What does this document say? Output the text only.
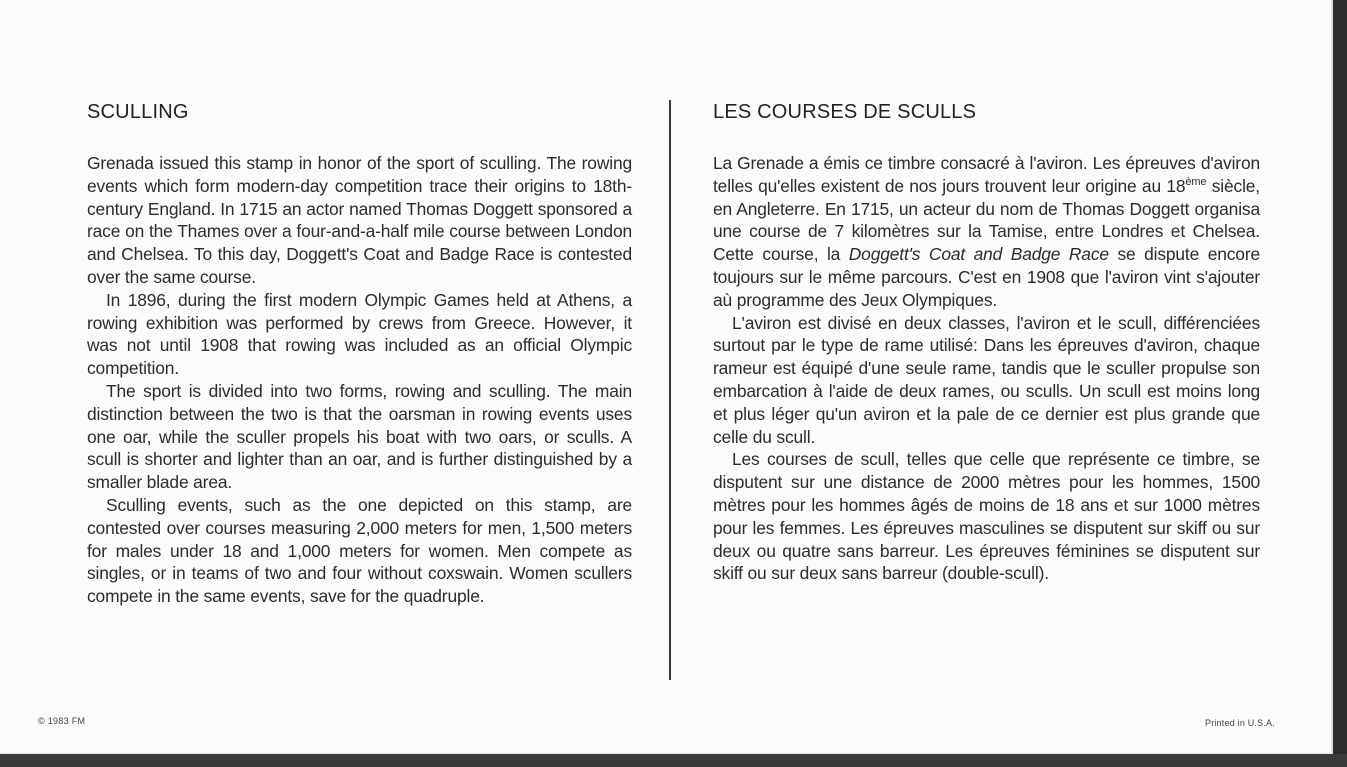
SCULLING

Grenada issued this stamp in honor of the sport of sculling. The rowing events which form modern-day competition trace their origins to 18th-century England. In 1715 an actor named Thomas Doggett sponsored a race on the Thames over a four-and-a-half mile course between London and Chelsea. To this day, Doggett's Coat and Badge Race is contested over the same course.

In 1896, during the first modern Olympic Games held at Athens, a rowing exhibition was performed by crews from Greece. However, it was not until 1908 that rowing was included as an official Olympic competition.

The sport is divided into two forms, rowing and sculling. The main distinction between the two is that the oarsman in rowing events uses one oar, while the sculler propels his boat with two oars, or sculls. A scull is shorter and lighter than an oar, and is further distinguished by a smaller blade area.

Sculling events, such as the one depicted on this stamp, are contested over courses measuring 2,000 meters for men, 1,500 meters for males under 18 and 1,000 meters for women. Men compete as singles, or in teams of two and four without coxswain. Women scullers compete in the same events, save for the quadruple.

LES COURSES DE SCULLS

La Grenade a émis ce timbre consacré à l'aviron. Les épreuves d'aviron telles qu'elles existent de nos jours trouvent leur origine au 18ème siècle, en Angleterre. En 1715, un acteur du nom de Thomas Doggett organisa une course de 7 kilomètres sur la Tamise, entre Londres et Chelsea. Cette course, la Doggett's Coat and Badge Race se dispute encore toujours sur le même parcours. C'est en 1908 que l'aviron vint s'ajouter aù programme des Jeux Olympiques.

L'aviron est divisé en deux classes, l'aviron et le scull, différenciées surtout par le type de rame utilisé: Dans les épreuves d'aviron, chaque rameur est équipé d'une seule rame, tandis que le sculler propulse son embarcation à l'aide de deux rames, ou sculls. Un scull est moins long et plus léger qu'un aviron et la pale de ce dernier est plus grande que celle du scull.

Les courses de scull, telles que celle que représente ce timbre, se disputent sur une distance de 2000 mètres pour les hommes, 1500 mètres pour les hommes âgés de moins de 18 ans et sur 1000 mètres pour les femmes. Les épreuves masculines se disputent sur skiff ou sur deux ou quatre sans barreur. Les épreuves féminines se disputent sur skiff ou sur deux sans barreur (double-scull).

© 1983 FM	Printed in U.S.A.
